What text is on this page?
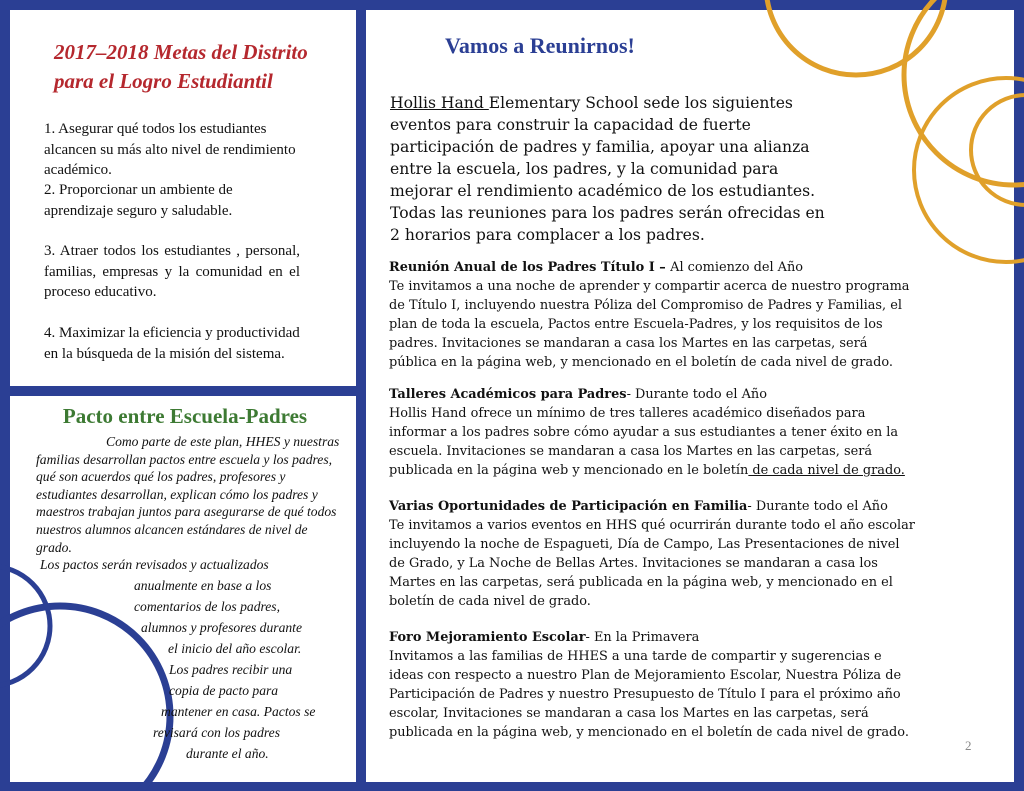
2017–2018 Metas del Distrito
para el Logro Estudiantil

1. Asegurar qué todos los estudiantes alcancen su más alto nivel de rendimiento académico.

2. Proporcionar un ambiente de aprendizaje seguro y saludable.

3. Atraer todos los estudiantes , personal, familias, empresas y la comunidad en el proceso educativo.

4. Maximizar la eficiencia y productividad en la búsqueda de la misión del sistema.

Pacto entre Escuela-Padres

Como parte de este plan, HHES y nuestras familias desarrollan pactos entre escuela y los padres, qué son acuerdos qué los padres, profesores y estudiantes desarrollan, explican cómo los padres y maestros trabajan juntos para asegurarse de qué todos nuestros alumnos alcancen estándares de nivel de grado.

Los pactos serán revisados y actualizados

anualmente en base a los

comentarios de los padres,

alumnos y profesores durante

el inicio del año escolar.

Los padres recibir una

copia de pacto para

mantener en casa. Pactos se

revisará con los padres

durante el año.

Vamos a Reunirnos!

Hollis Hand Elementary School sede los siguientes eventos para construir la capacidad de fuerte participación de padres y familia, apoyar una alianza entre la escuela, los padres, y la comunidad para mejorar el rendimiento académico de los estudiantes. Todas las reuniones para los padres serán ofrecidas en 2 horarios para complacer a los padres.

Reunión Anual de los Padres Título I – Al comienzo del Año
Te invitamos a una noche de aprender y compartir acerca de nuestro programa de Título I, incluyendo nuestra Póliza del Compromiso de Padres y Familias, el plan de toda la escuela, Pactos entre Escuela-Padres, y los requisitos de los padres. Invitaciones se mandaran a casa los Martes en las carpetas, será pública en la página web, y mencionado en el boletín de cada nivel de grado.

Talleres Académicos para Padres- Durante todo el Año
Hollis Hand ofrece un mínimo de tres talleres académico diseñados para informar a los padres sobre cómo ayudar a sus estudiantes a tener éxito en la escuela. Invitaciones se mandaran a casa los Martes en las carpetas, será publicada en la página web y mencionado en le boletín de cada nivel de grado.

Varias Oportunidades de Participación en Familia- Durante todo el Año
Te invitamos a varios eventos en HHS qué ocurrirán durante todo el año escolar incluyendo la noche de Espagueti, Día de Campo, Las Presentaciones de nivel de Grado, y La Noche de Bellas Artes. Invitaciones se mandaran a casa los Martes en las carpetas, será publicada en la página web, y mencionado en el boletín de cada nivel de grado.

Foro Mejoramiento Escolar- En la Primavera
Invitamos a las familias de HHES a una tarde de compartir y sugerencias e ideas con respecto a nuestro Plan de Mejoramiento Escolar, Nuestra Póliza de Participación de Padres y nuestro Presupuesto de Título I para el próximo año escolar, Invitaciones se mandaran a casa los Martes en las carpetas, será publicada en la página web, y mencionado en el boletín de cada nivel de grado.

2
